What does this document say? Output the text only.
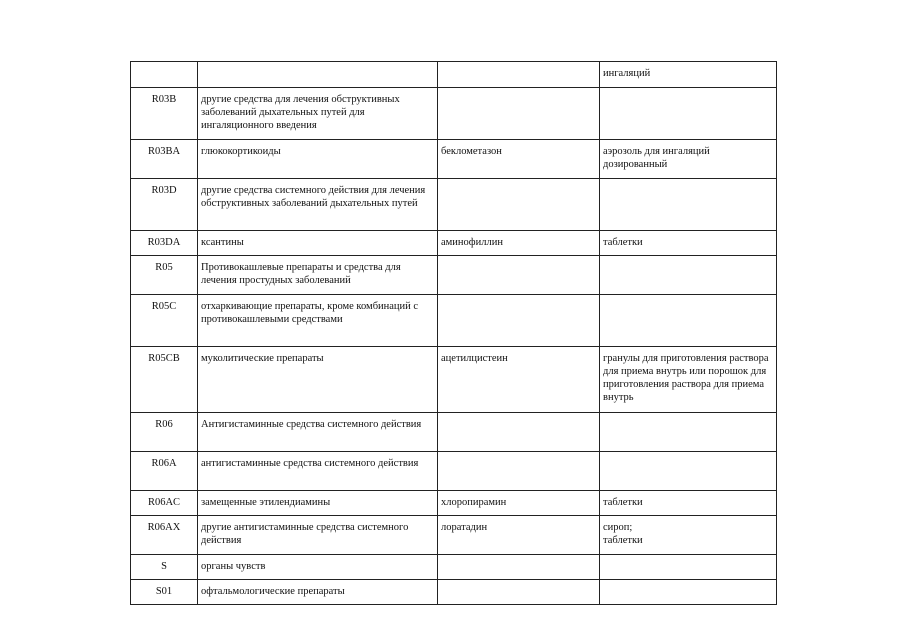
			ингаляций

R03B	другие средства для лечения обструктивных заболеваний дыхательных путей для ингаляционного введения		
R03BA	глюкокортикоиды	беклометазон	аэрозоль для ингаляций дозированный

R03D	другие средства системного действия для лечения обструктивных заболеваний дыхательных путей		
R03DA	ксантины	аминофиллин	таблетки

R05	Противокашлевые препараты и средства для лечения простудных заболеваний		
R05C	отхаркивающие препараты, кроме комбинаций с противокашлевыми средствами		
R05CB	муколитические препараты	ацетилцистеин	гранулы для приготовления раствора для приема внутрь или порошок для приготовления раствора для приема внутрь

R06	Антигистаминные средства системного действия		
R06A	антигистаминные средства системного действия		
R06AC	замещенные этилендиамины	хлоропирамин	таблетки

R06AX	другие антигистаминные средства системного действия	лоратадин	сироп;
таблетки

S	органы чувств		
S01	офтальмологические препараты		
